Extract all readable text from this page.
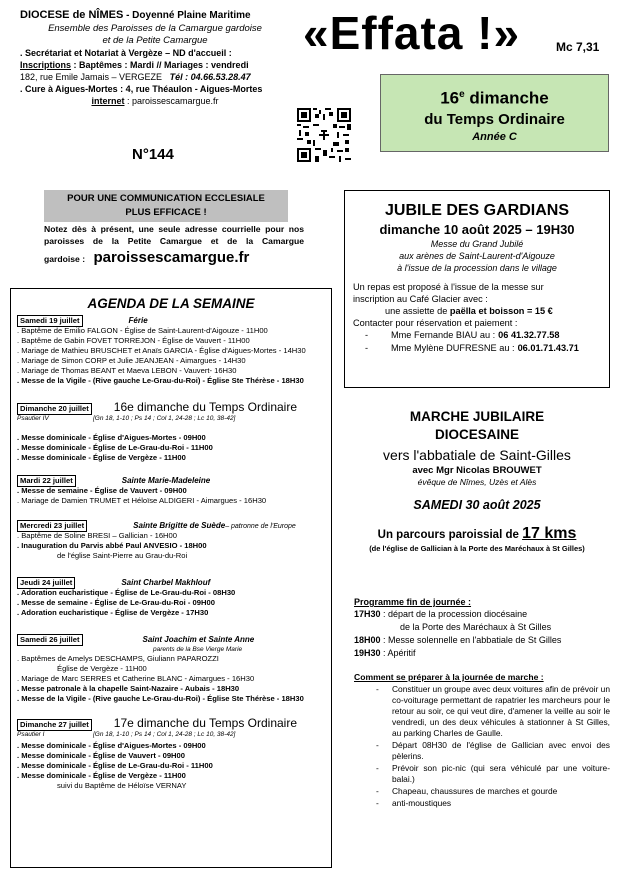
DIOCESE de NÎMES - Doyenné Plaine Maritime
Ensemble des Paroisses de la Camargue gardoise
et de la Petite Camargue
. Secrétariat et Notariat à Vergèze – ND d'accueil :
Inscriptions : Baptêmes : Mardi // Mariages : vendredi
182, rue Emile Jamais – VERGEZE Tél : 04.66.53.28.47
. Cure à Aigues-Mortes : 4, rue Théaulon - Aigues-Mortes
internet : paroissescamargue.fr
N°144
«Effata !»	Mc 7,31
16e dimanche
du Temps Ordinaire
Année C
POUR UNE COMMUNICATION ECCLESIALE
PLUS EFFICACE !
Notez dès à présent, une seule adresse courrielle pour nos
paroisses de la Petite Camargue et de la Camargue
gardoise : paroissescamargue.fr
AGENDA DE LA SEMAINE
Samedi 19 juillet	Férie
. Baptême de Emilio FALGON - Église de Saint-Laurent-d'Aigouze - 11H00
. Baptême de Gabin FOVET TORREJON - Église de Vauvert - 11H00
. Mariage de Mathieu BRUSCHET et Anaïs GARCIA - Église d'Aigues-Mortes - 14H30
. Mariage de Simon CORP et Julie JEANJEAN - Aimargues - 14H30
. Mariage de Thomas BEANT et Maeva LEBON - Vauvert- 16H30
. Messe de la Vigile - (Rive gauche Le-Grau-du-Roi) - Église Ste Thérèse - 18H30
Dimanche 20 juillet 16e dimanche du Temps Ordinaire
Psautier IV	[Gn 18, 1-10 ; Ps 14 ; Col 1, 24-28 ; Lc 10, 38-42]
. Messe dominicale - Église d'Aigues-Mortes - 09H00
. Messe dominicale - Église de Le-Grau-du-Roi - 11H00
. Messe dominicale - Église de Vergèze - 11H00
Mardi 22 juillet	Sainte Marie-Madeleine
. Messe de semaine - Église de Vauvert - 09H00
. Mariage de Damien TRUMET et Héloïse ALDIGERI - Aimargues - 16H30
Mercredi 23 juillet	Sainte Brigitte de Suède – patronne de l'Europe
. Baptême de Soline BRESI – Gallician - 16H00
. Inauguration du Parvis abbé Paul ANVESIO - 18H00
de l'église Saint-Pierre au Grau-du-Roi
Jeudi 24 juillet	Saint Charbel Makhlouf
. Adoration eucharistique - Église de Le-Grau-du-Roi - 08H30
. Messe de semaine - Église de Le-Grau-du-Roi - 09H00
. Adoration eucharistique - Église de Vergèze - 17H30
Samedi 26 juillet	Saint Joachim et Sainte Anne
parents de la Bse Vierge Marie
. Baptêmes de Amelys DESCHAMPS, Giuliann PAPAROZZI
Église de Vergèze - 11H00
. Mariage de Marc SERRES et Catherine BLANC - Aimargues - 16H30
. Messe patronale à la chapelle Saint-Nazaire - Aubais - 18H30
. Messe de la Vigile - (Rive gauche Le-Grau-du-Roi) - Église Ste Thérèse - 18H30
Dimanche 27 juillet 17e dimanche du Temps Ordinaire
Psautier I	[Gn 18, 1-10 ; Ps 14 ; Col 1, 24-28 ; Lc 10, 38-42]
. Messe dominicale - Église d'Aigues-Mortes - 09H00
. Messe dominicale - Église de Vauvert - 09H00
. Messe dominicale - Église de Le-Grau-du-Roi - 11H00
. Messe dominicale - Église de Vergèze - 11H00
suivi du Baptême de Héloïse VERNAY
JUBILE DES GARDIANS
dimanche 10 août 2025 – 19H30
Messe du Grand Jubilé
aux arènes de Saint-Laurent-d'Aigouze
à l'issue de la procession dans le village
Un repas est proposé à l'issue de la messe sur
inscription au Café Glacier avec :
une assiette de paëlla et boisson = 15 €
Contacter pour réservation et paiement :
- Mme Fernande BIAU au : 06 41.32.77.58
- Mme Mylène DUFRESNE au : 06.01.71.43.71
MARCHE JUBILAIRE
DIOCESAINE
vers l'abbatiale de Saint-Gilles
avec Mgr Nicolas BROUWET
évêque de Nîmes, Uzès et Alès
SAMEDI 30 août 2025
Un parcours paroissial de 17 kms
(de l'église de Gallician à la Porte des Maréchaux à St Gilles)
Programme fin de journée :
17H30 : départ de la procession diocésaine
de la Porte des Maréchaux à St Gilles
18H00 : Messe solennelle en l'abbatiale de St Gilles
19H30 : Apéritif
Comment se préparer à la journée de marche :
- Constituer un groupe avec deux voitures afin de prévoir un co-voiturage permettant de rapatrier les marcheurs pour le retour au soir, ce qui veut dire, d'amener la veille au soir le vendredi, un des deux véhicules à stationner à St Gilles, au parking Charles de Gaulle.
- Départ 08H30 de l'église de Gallician avec envoi des pèlerins.
- Prévoir son pic-nic (qui sera véhiculé par une voiture-balai.)
- Chapeau, chaussures de marches et gourde
- anti-moustiques
